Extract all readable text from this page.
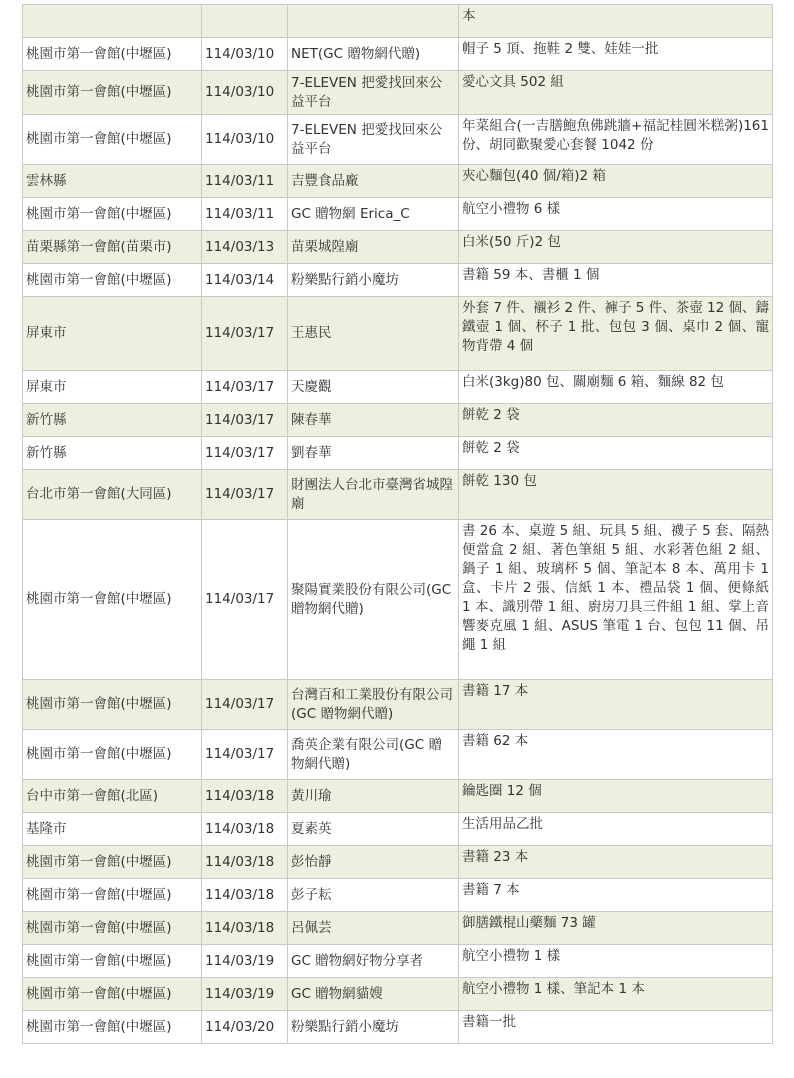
			本
桃園市第一會館(中壢區)	114/03/10	NET(GC 贈物網代贈)	帽子 5 頂、拖鞋 2 雙、娃娃一批
桃園市第一會館(中壢區)	114/03/10	7-ELEVEN 把愛找回來公益平台	愛心文具 502 組
桃園市第一會館(中壢區)	114/03/10	7-ELEVEN 把愛找回來公益平台	年菜組合(一吉膳鮑魚佛跳牆+福記桂圓米糕粥)161 份、胡同歡聚愛心套餐 1042 份
雲林縣	114/03/11	吉豐食品廠	夾心麵包(40 個/箱)2 箱
桃園市第一會館(中壢區)	114/03/11	GC 贈物網 Erica_C	航空小禮物 6 樣
苗栗縣第一會館(苗栗市)	114/03/13	苗栗城隍廟	白米(50 斤)2 包
桃園市第一會館(中壢區)	114/03/14	粉樂點行銷小魔坊	書籍 59 本、書櫃 1 個
屏東市	114/03/17	王惠民	外套 7 件、襯衫 2 件、褲子 5 件、茶壺 12 個、鑄鐵壺 1 個、杯子 1 批、包包 3 個、桌巾 2 個、寵物背帶 4 個
屏東市	114/03/17	天慶觀	白米(3kg)80 包、關廟麵 6 箱、麵線 82 包
新竹縣	114/03/17	陳春華	餅乾 2 袋
新竹縣	114/03/17	劉春華	餅乾 2 袋
台北市第一會館(大同區)	114/03/17	財團法人台北市臺灣省城隍廟	餅乾 130 包
桃園市第一會館(中壢區)	114/03/17	聚陽實業股份有限公司(GC 贈物網代贈)	書 26 本、桌遊 5 組、玩具 5 組、襪子 5 套、隔熱便當盒 2 組、著色筆組 5 組、水彩著色組 2 組、鍋子 1 組、玻璃杯 5 個、筆記本 8 本、萬用卡 1 盒、卡片 2 張、信紙 1 本、禮品袋 1 個、便條紙 1 本、識別帶 1 組、廚房刀具三件組 1 組、掌上音響麥克風 1 組、ASUS 筆電 1 台、包包 11 個、吊繩 1 組
桃園市第一會館(中壢區)	114/03/17	台灣百和工業股份有限公司(GC 贈物網代贈)	書籍 17 本
桃園市第一會館(中壢區)	114/03/17	喬英企業有限公司(GC 贈物網代贈)	書籍 62 本
台中市第一會館(北區)	114/03/18	黃川瑜	鑰匙圈 12 個
基隆市	114/03/18	夏素英	生活用品乙批
桃園市第一會館(中壢區)	114/03/18	彭怡靜	書籍 23 本
桃園市第一會館(中壢區)	114/03/18	彭子耘	書籍 7 本
桃園市第一會館(中壢區)	114/03/18	呂佩芸	御膳鐵棍山藥麵 73 罐
桃園市第一會館(中壢區)	114/03/19	GC 贈物網好物分享者	航空小禮物 1 樣
桃園市第一會館(中壢區)	114/03/19	GC 贈物網貓嫂	航空小禮物 1 樣、筆記本 1 本
桃園市第一會館(中壢區)	114/03/20	粉樂點行銷小魔坊	書籍一批
